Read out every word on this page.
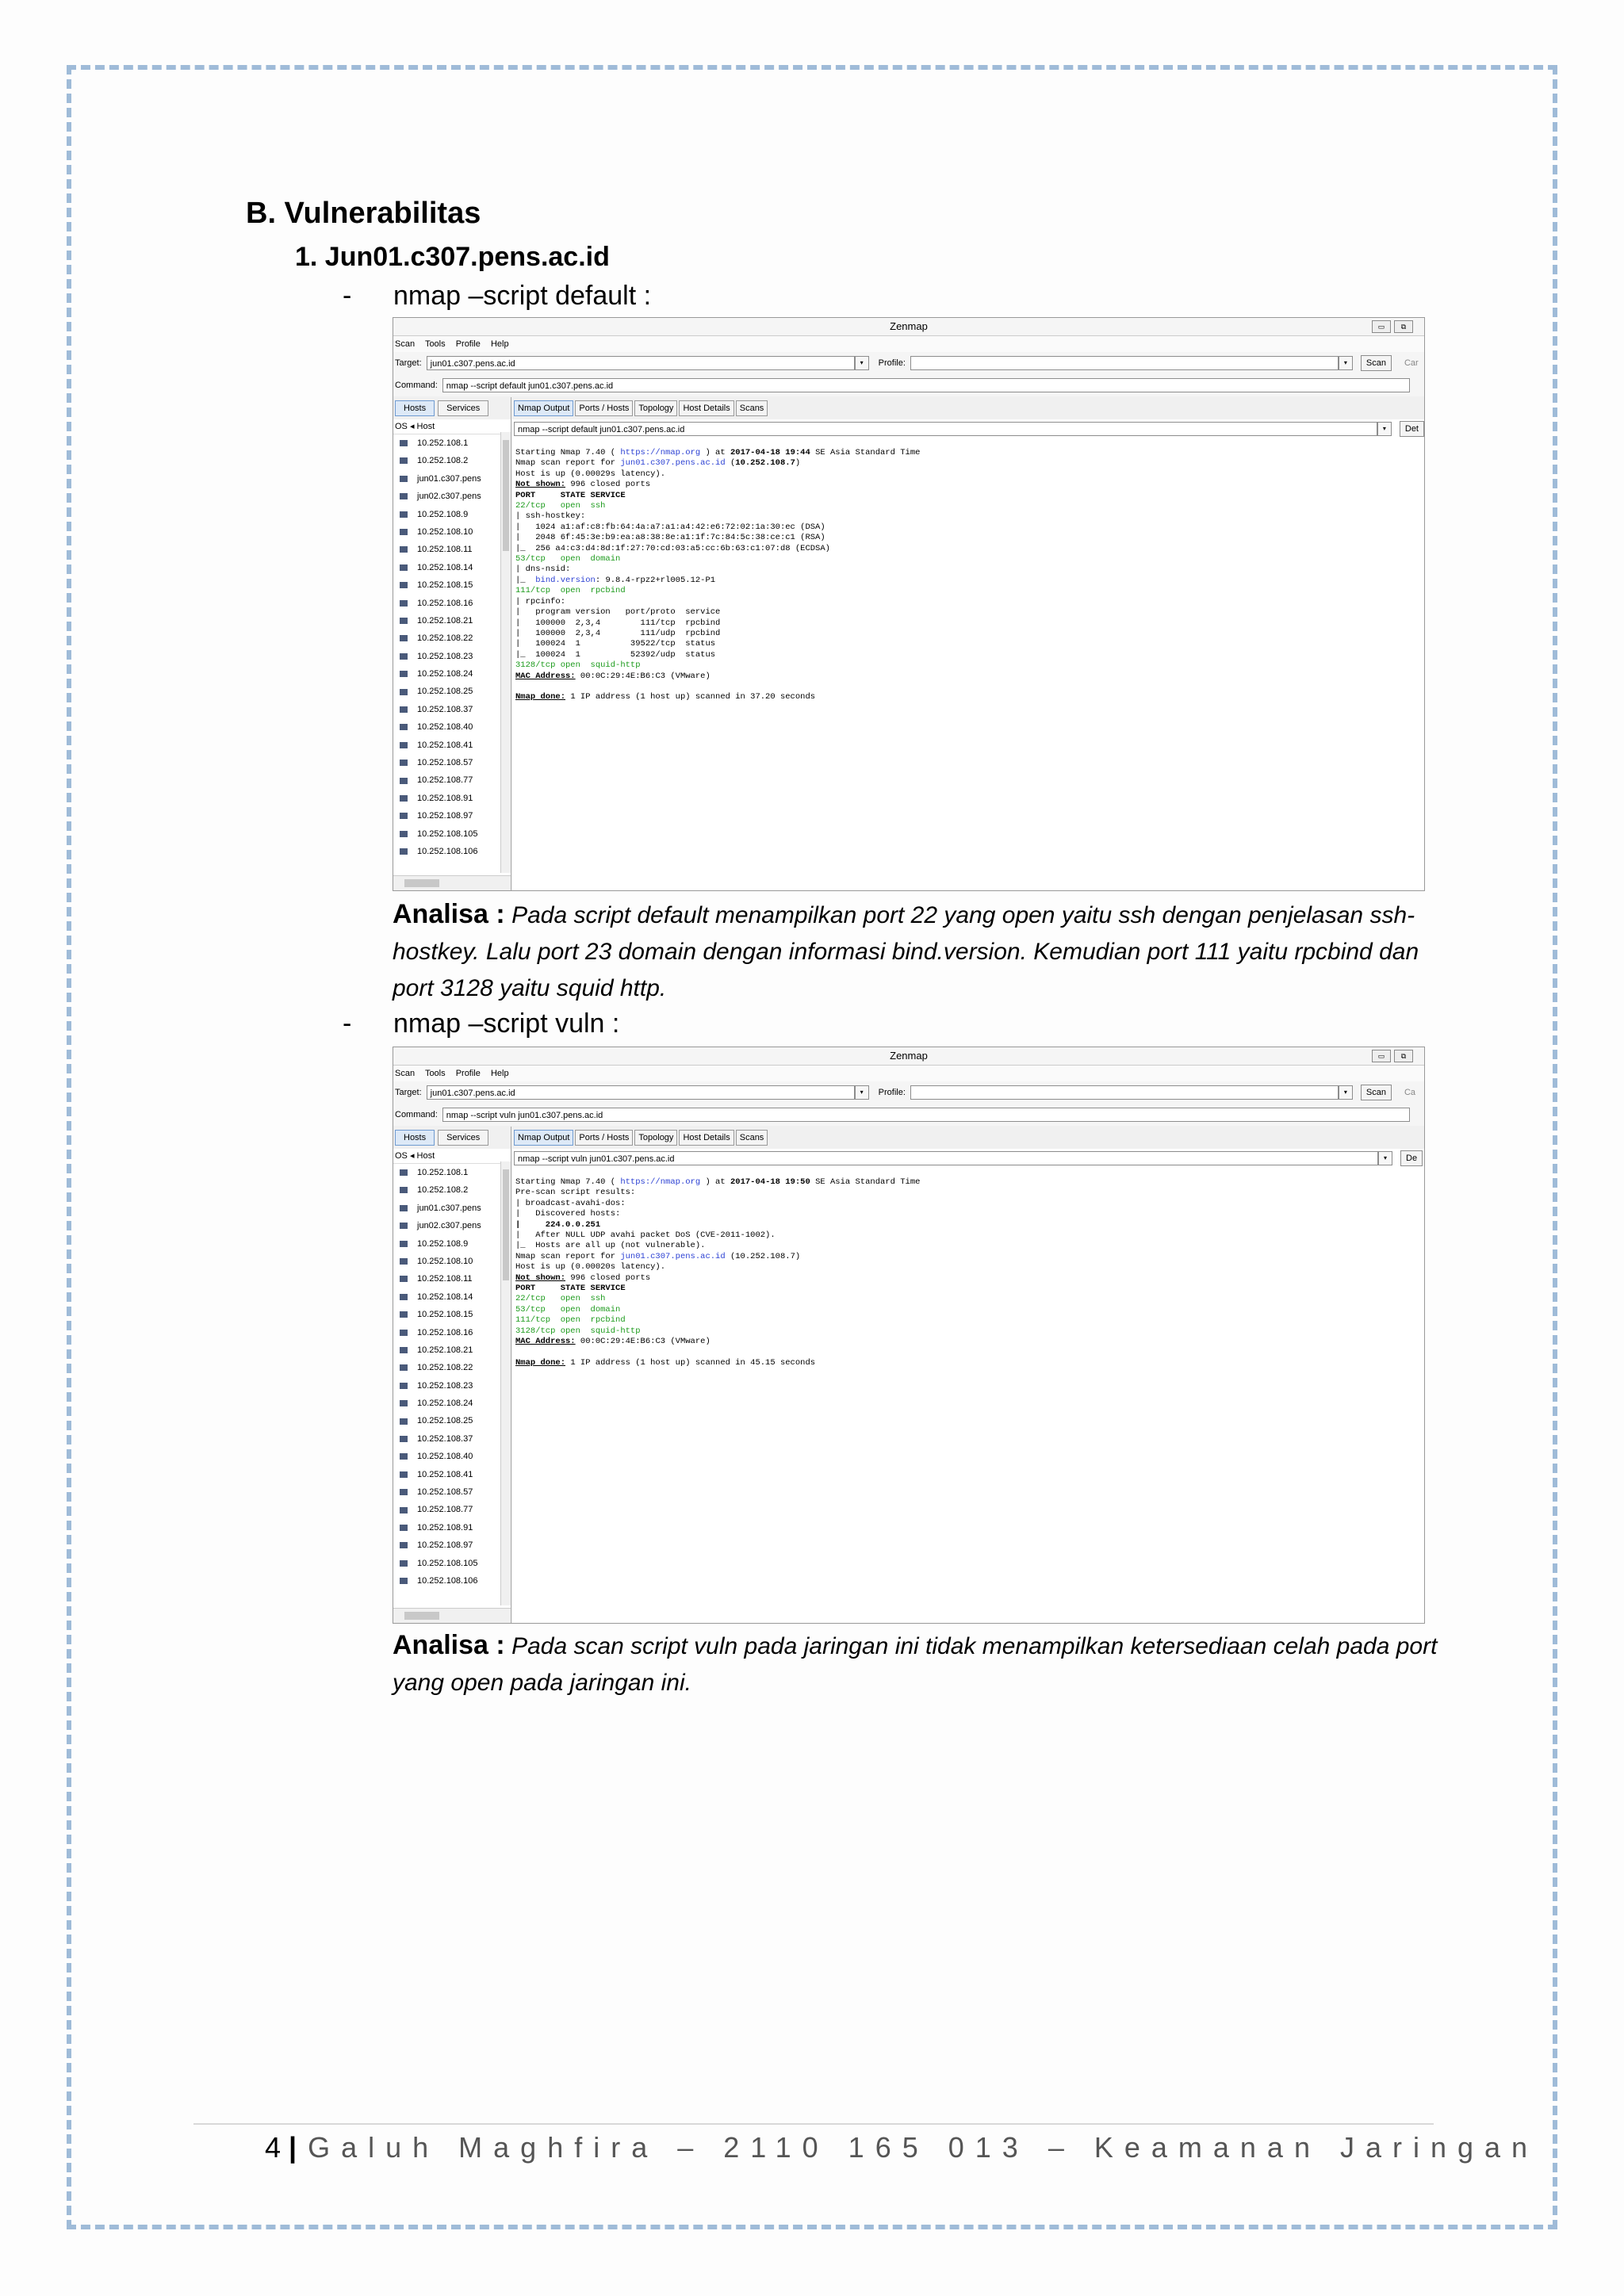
B. Vulnerabilitas
1. Jun01.c307.pens.ac.id
- nmap –script default :
Zenmap	▭	⧉
Scan Tools Profile Help
Target:	jun01.c307.pens.ac.id	▾	Profile:	▾	Scan	Car
Command:	nmap --script default jun01.c307.pens.ac.id
Hosts	Services
OS ◂ Host
10.252.108.1
10.252.108.2
jun01.c307.pens
jun02.c307.pens
10.252.108.9
10.252.108.10
10.252.108.11
10.252.108.14
10.252.108.15
10.252.108.16
10.252.108.21
10.252.108.22
10.252.108.23
10.252.108.24
10.252.108.25
10.252.108.37
10.252.108.40
10.252.108.41
10.252.108.57
10.252.108.77
10.252.108.91
10.252.108.97
10.252.108.105
10.252.108.106
Nmap Output	Ports / Hosts	Topology	Host Details	Scans
nmap --script default jun01.c307.pens.ac.id	▾	Det
Starting Nmap 7.40 ( https://nmap.org ) at 2017-04-18 19:44 SE Asia Standard Time
Nmap scan report for jun01.c307.pens.ac.id (10.252.108.7)
Host is up (0.00029s latency).
Not shown: 996 closed ports
PORT     STATE SERVICE
22/tcp   open  ssh
| ssh-hostkey:
|   1024 a1:af:c8:fb:64:4a:a7:a1:a4:42:e6:72:02:1a:30:ec (DSA)
|   2048 6f:45:3e:b9:ea:a8:38:8e:a1:1f:7c:84:5c:38:ce:c1 (RSA)
|_  256 a4:c3:d4:8d:1f:27:70:cd:03:a5:cc:6b:63:c1:07:d8 (ECDSA)
53/tcp   open  domain
| dns-nsid:
|_  bind.version: 9.8.4-rpz2+rl005.12-P1
111/tcp  open  rpcbind
| rpcinfo:
|   program version   port/proto  service
|   100000  2,3,4        111/tcp  rpcbind
|   100000  2,3,4        111/udp  rpcbind
|   100024  1          39522/tcp  status
|_  100024  1          52392/udp  status
3128/tcp open  squid-http
MAC Address: 00:0C:29:4E:B6:C3 (VMware)

Nmap done: 1 IP address (1 host up) scanned in 37.20 seconds
Analisa : Pada script default menampilkan port 22 yang open yaitu ssh dengan penjelasan ssh-hostkey. Lalu port 23 domain dengan informasi bind.version. Kemudian port 111 yaitu rpcbind dan port 3128 yaitu squid http.
- nmap –script vuln :
Zenmap	▭	⧉
Scan Tools Profile Help
Target:	jun01.c307.pens.ac.id	▾	Profile:	▾	Scan	Ca
Command:	nmap --script vuln jun01.c307.pens.ac.id
Hosts	Services
OS ◂ Host
10.252.108.1
10.252.108.2
jun01.c307.pens
jun02.c307.pens
10.252.108.9
10.252.108.10
10.252.108.11
10.252.108.14
10.252.108.15
10.252.108.16
10.252.108.21
10.252.108.22
10.252.108.23
10.252.108.24
10.252.108.25
10.252.108.37
10.252.108.40
10.252.108.41
10.252.108.57
10.252.108.77
10.252.108.91
10.252.108.97
10.252.108.105
10.252.108.106
Nmap Output	Ports / Hosts	Topology	Host Details	Scans
nmap --script vuln jun01.c307.pens.ac.id	▾	De
Starting Nmap 7.40 ( https://nmap.org ) at 2017-04-18 19:50 SE Asia Standard Time
Pre-scan script results:
| broadcast-avahi-dos:
|   Discovered hosts:
|     224.0.0.251
|   After NULL UDP avahi packet DoS (CVE-2011-1002).
|_  Hosts are all up (not vulnerable).
Nmap scan report for jun01.c307.pens.ac.id (10.252.108.7)
Host is up (0.00020s latency).
Not shown: 996 closed ports
PORT     STATE SERVICE
22/tcp   open  ssh
53/tcp   open  domain
111/tcp  open  rpcbind
3128/tcp open  squid-http
MAC Address: 00:0C:29:4E:B6:C3 (VMware)

Nmap done: 1 IP address (1 host up) scanned in 45.15 seconds
Analisa : Pada scan script vuln pada jaringan ini tidak menampilkan ketersediaan celah pada port yang open pada jaringan ini.
4 | Galuh Maghfira – 2110 165 013 – Keamanan Jaringan
